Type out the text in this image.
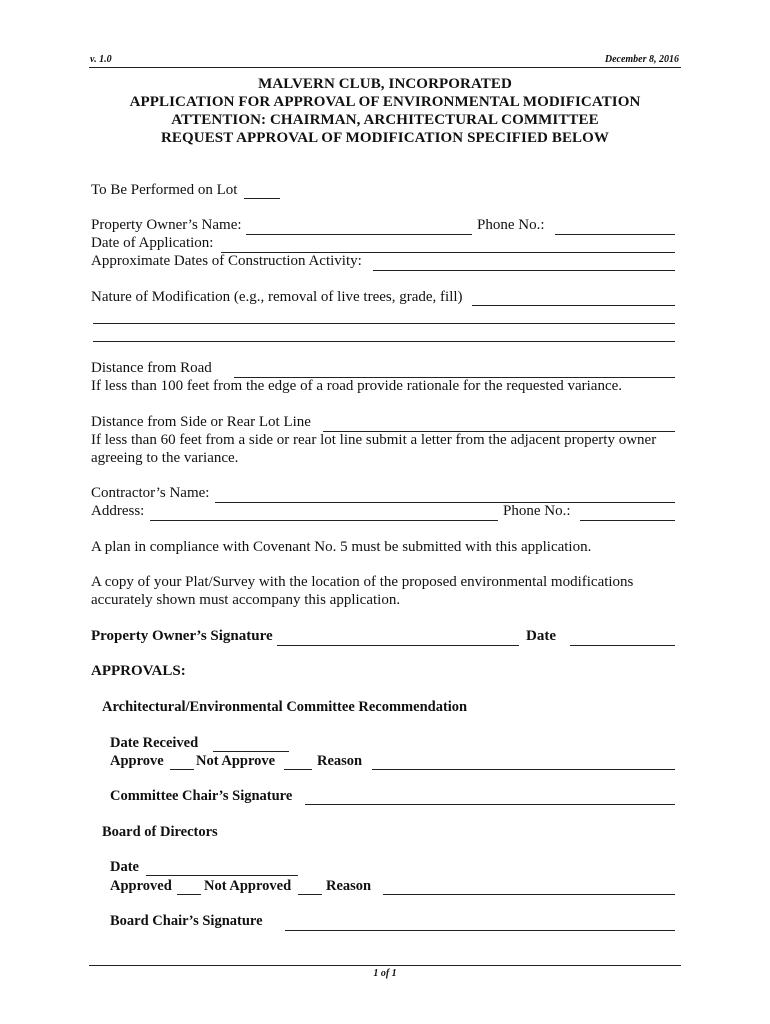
v. 1.0	December 8, 2016
MALVERN CLUB, INCORPORATED
APPLICATION FOR APPROVAL OF ENVIRONMENTAL MODIFICATION
ATTENTION: CHAIRMAN, ARCHITECTURAL COMMITTEE
REQUEST APPROVAL OF MODIFICATION SPECIFIED BELOW
To Be Performed on Lot
Property Owner’s Name:	Phone No.:
Date of Application:
Approximate Dates of Construction Activity:
Nature of Modification (e.g., removal of live trees, grade, fill)
Distance from Road
If less than 100 feet from the edge of a road provide rationale for the requested variance.
Distance from Side or Rear Lot Line
If less than 60 feet from a side or rear lot line submit a letter from the adjacent property owner
agreeing to the variance.
Contractor’s Name:
Address:	Phone No.:
A plan in compliance with Covenant No. 5 must be submitted with this application.
A copy of your Plat/Survey with the location of the proposed environmental modifications
accurately shown must accompany this application.
Property Owner’s Signature	Date
APPROVALS:
Architectural/Environmental Committee Recommendation
Date Received
Approve Not Approve	Reason
Committee Chair’s Signature
Board of Directors
Date
Approved Not Approved Reason
Board Chair’s Signature
1 of 1
